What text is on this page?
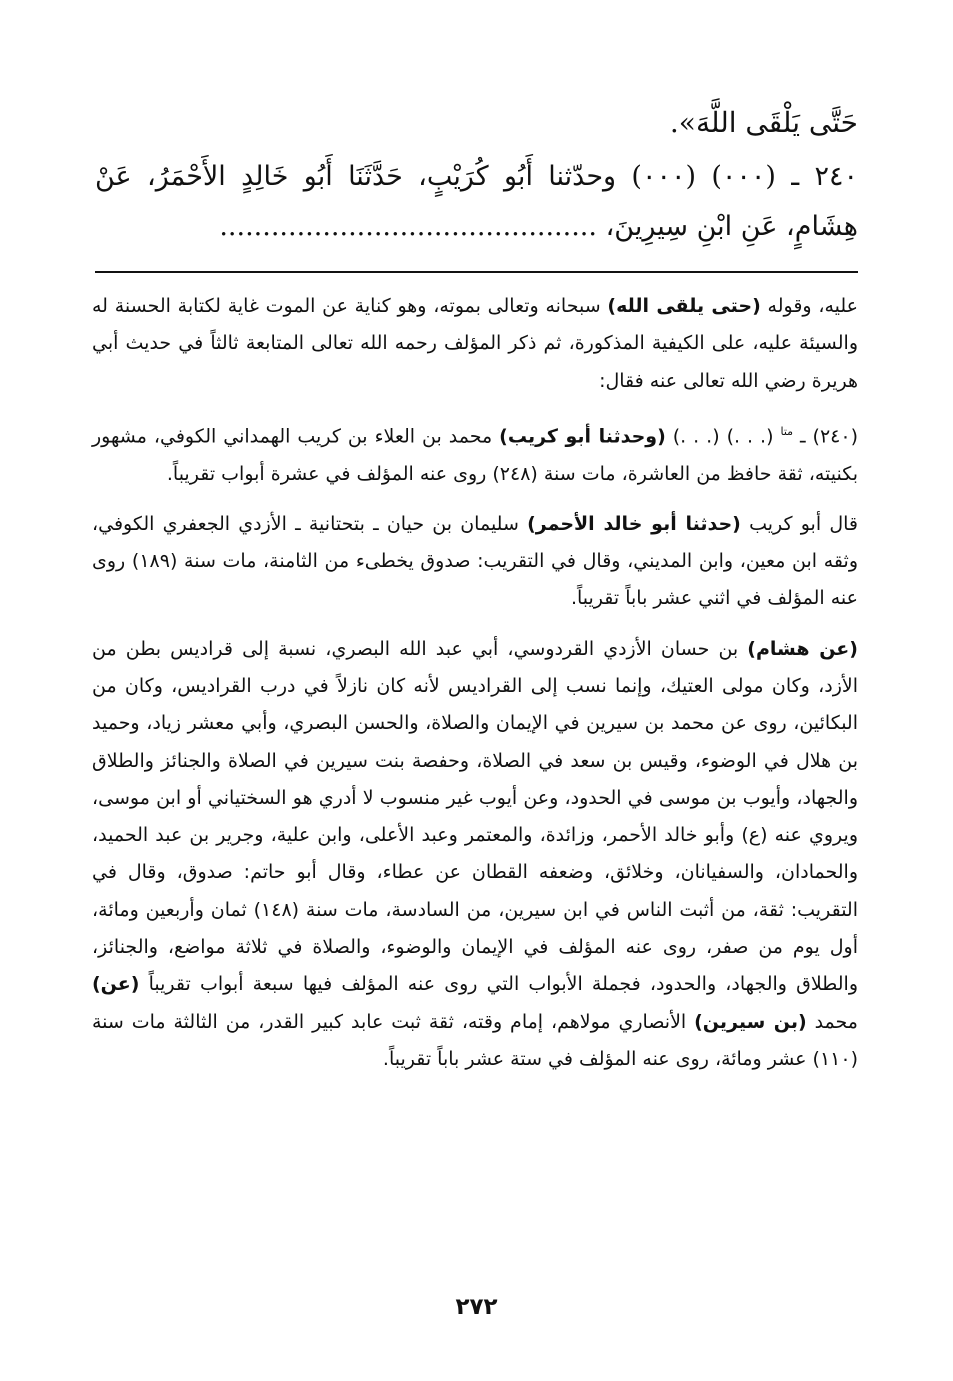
حَتَّى يَلْقَى اللَّهَ».
٢٤٠ ـ (٠٠٠) (٠٠٠) وحدّثنا أَبُو كُرَيْبٍ، حَدَّثَنَا أَبُو خَالِدٍ الأَحْمَرُ، عَنْ هِشَامٍ، عَنِ ابْنِ سِيرِينَ، ............................................

عليه، وقوله (حتى يلقى الله) سبحانه وتعالى بموته، وهو كناية عن الموت غاية لكتابة الحسنة له والسيئة عليه، على الكيفية المذكورة، ثم ذكر المؤلف رحمه الله تعالى المتابعة ثالثاً في حديث أبي هريرة رضي الله تعالى عنه فقال:

(٢٤٠) ـ $^{متا}$ (. . .) (. . .) (وحدثنا أبو كريب) محمد بن العلاء بن كريب الهمداني الكوفي، مشهور بكنيته، ثقة حافظ من العاشرة، مات سنة (٢٤٨) روى عنه المؤلف في عشرة أبواب تقريباً.

قال أبو كريب (حدثنا أبو خالد الأحمر) سليمان بن حيان ـ بتحتانية ـ الأزدي الجعفري الكوفي، وثقه ابن معين، وابن المديني، وقال في التقريب: صدوق يخطىء من الثامنة، مات سنة (١٨٩) روى عنه المؤلف في اثني عشر باباً تقريباً.

(عن هشام) بن حسان الأزدي القردوسي، أبي عبد الله البصري، نسبة إلى قراديس بطن من الأزد، وكان مولى العتيك، وإنما نسب إلى القراديس لأنه كان نازلاً في درب القراديس، وكان من البكائين، روى عن محمد بن سيرين في الإيمان والصلاة، والحسن البصري، وأبي معشر زياد، وحميد بن هلال في الوضوء، وقيس بن سعد في الصلاة، وحفصة بنت سيرين في الصلاة والجنائز والطلاق والجهاد، وأيوب بن موسى في الحدود، وعن أيوب غير منسوب لا أدري هو السختياني أو ابن موسى، ويروي عنه (ع) وأبو خالد الأحمر، وزائدة، والمعتمر وعبد الأعلى، وابن علية، وجرير بن عبد الحميد، والحمادان، والسفيانان، وخلائق، وضعفه القطان عن عطاء، وقال أبو حاتم: صدوق، وقال في التقريب: ثقة، من أثبت الناس في ابن سيرين، من السادسة، مات سنة (١٤٨) ثمان وأربعين ومائة، أول يوم من صفر، روى عنه المؤلف في الإيمان والوضوء، والصلاة في ثلاثة مواضع، والجنائز، والطلاق والجهاد، والحدود، فجملة الأبواب التي روى عنه المؤلف فيها سبعة أبواب تقريباً (عن) محمد (بن سيرين) الأنصاري مولاهم، إمام وقته، ثقة ثبت عابد كبير القدر، من الثالثة مات سنة (١١٠) عشر ومائة، روى عنه المؤلف في ستة عشر باباً تقريباً.

٢٧٢
